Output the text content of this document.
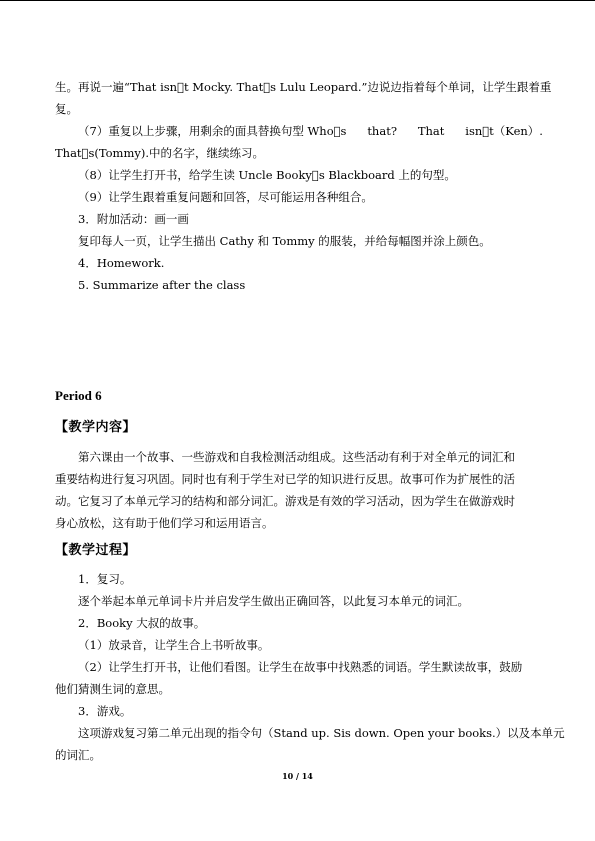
生。再说一遍“That isn t Mocky. That s Lulu Leopard.”边说边指着每个单词，让学生跟着重

复。

（7）重复以上步骤，用剩余的面具替换句型 Who s that? That isn t（Ken）.

That s(Tommy).中的名字，继续练习。

（8）让学生打开书，给学生读 Uncle Booky s Blackboard 上的句型。

（9）让学生跟着重复问题和回答，尽可能运用各种组合。

3．附加活动：画一画

复印每人一页，让学生描出 Cathy 和 Tommy 的服装，并给每幅图并涂上颜色。

4．Homework.

5. Summarize after the class

Period 6

【教学内容】

第六课由一个故事、一些游戏和自我检测活动组成。这些活动有利于对全单元的词汇和

重要结构进行复习巩固。同时也有利于学生对已学的知识进行反思。故事可作为扩展性的活

动。它复习了本单元学习的结构和部分词汇。游戏是有效的学习活动，因为学生在做游戏时

身心放松，这有助于他们学习和运用语言。

【教学过程】

1．复习。

逐个举起本单元单词卡片并启发学生做出正确回答，以此复习本单元的词汇。

2．Booky 大叔的故事。

（1）放录音，让学生合上书听故事。

（2）让学生打开书，让他们看图。让学生在故事中找熟悉的词语。学生默读故事，鼓励

他们猜测生词的意思。

3．游戏。

这项游戏复习第二单元出现的指令句（Stand up. Sis down. Open your books.）以及本单元

的词汇。

10 / 14
